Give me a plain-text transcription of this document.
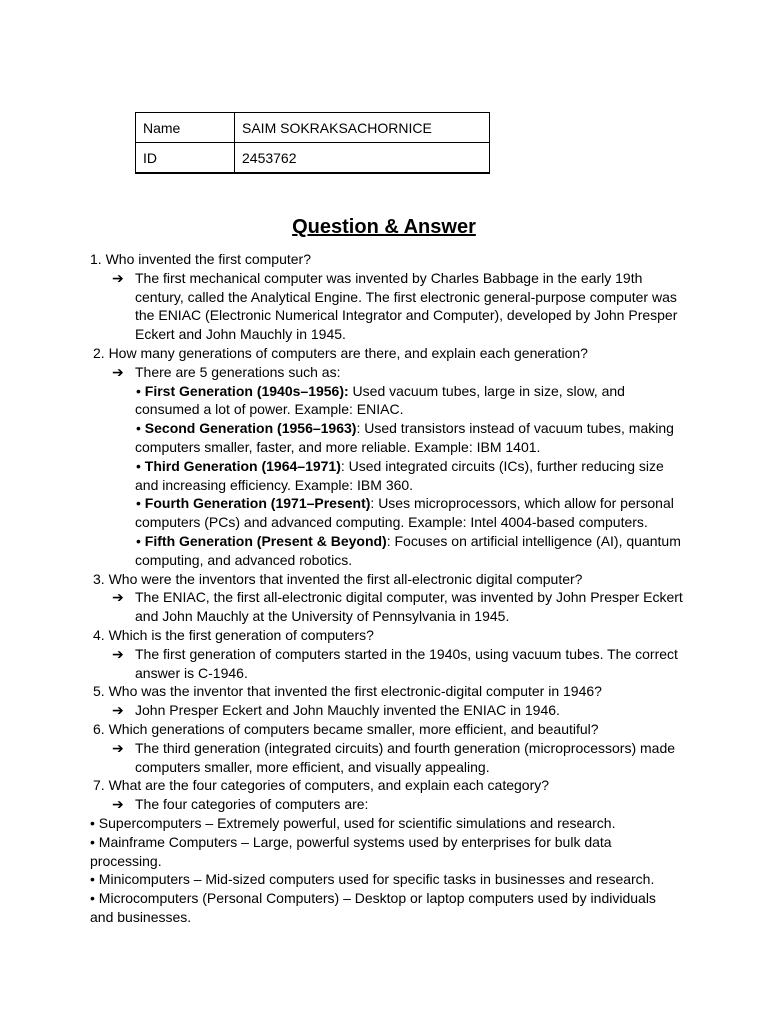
Name	SAIM SOKRAKSACHORNICE
ID	2453762
Question & Answer
1. Who invented the first computer?
➔ The first mechanical computer was invented by Charles Babbage in the early 19th
century, called the Analytical Engine. The first electronic general-purpose computer was
the ENIAC (Electronic Numerical Integrator and Computer), developed by John Presper
Eckert and John Mauchly in 1945.
2. How many generations of computers are there, and explain each generation?
➔ There are 5 generations such as:
• First Generation (1940s–1956): Used vacuum tubes, large in size, slow, and
consumed a lot of power. Example: ENIAC.
• Second Generation (1956–1963): Used transistors instead of vacuum tubes, making
computers smaller, faster, and more reliable. Example: IBM 1401.
• Third Generation (1964–1971): Used integrated circuits (ICs), further reducing size
and increasing efficiency. Example: IBM 360.
• Fourth Generation (1971–Present): Uses microprocessors, which allow for personal
computers (PCs) and advanced computing. Example: Intel 4004-based computers.
• Fifth Generation (Present & Beyond): Focuses on artificial intelligence (AI), quantum
computing, and advanced robotics.
3. Who were the inventors that invented the first all-electronic digital computer?
➔ The ENIAC, the first all-electronic digital computer, was invented by John Presper Eckert
and John Mauchly at the University of Pennsylvania in 1945.
4. Which is the first generation of computers?
➔ The first generation of computers started in the 1940s, using vacuum tubes. The correct
answer is C-1946.
5. Who was the inventor that invented the first electronic-digital computer in 1946?
➔ John Presper Eckert and John Mauchly invented the ENIAC in 1946.
6. Which generations of computers became smaller, more efficient, and beautiful?
➔ The third generation (integrated circuits) and fourth generation (microprocessors) made
computers smaller, more efficient, and visually appealing.
7. What are the four categories of computers, and explain each category?
➔ The four categories of computers are:
• Supercomputers – Extremely powerful, used for scientific simulations and research.
• Mainframe Computers – Large, powerful systems used by enterprises for bulk data
processing.
• Minicomputers – Mid-sized computers used for specific tasks in businesses and research.
• Microcomputers (Personal Computers) – Desktop or laptop computers used by individuals
and businesses.
